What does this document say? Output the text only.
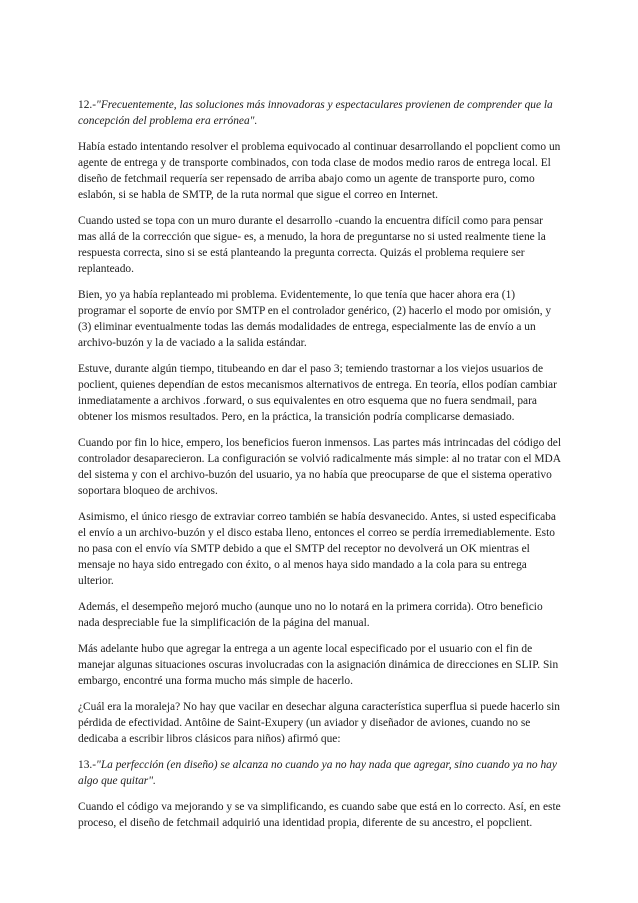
12.-"Frecuentemente, las soluciones más innovadoras y espectaculares provienen de comprender que la concepción del problema era errónea".

Había estado intentando resolver el problema equivocado al continuar desarrollando el popclient como un agente de entrega y de transporte combinados, con toda clase de modos medio raros de entrega local. El diseño de fetchmail requería ser repensado de arriba abajo como un agente de transporte puro, como eslabón, si se habla de SMTP, de la ruta normal que sigue el correo en Internet.

Cuando usted se topa con un muro durante el desarrollo -cuando la encuentra difícil como para pensar mas allá de la corrección que sigue- es, a menudo, la hora de preguntarse no si usted realmente tiene la respuesta correcta, sino si se está planteando la pregunta correcta. Quizás el problema requiere ser replanteado.

Bien, yo ya había replanteado mi problema. Evidentemente, lo que tenía que hacer ahora era (1) programar el soporte de envío por SMTP en el controlador genérico, (2) hacerlo el modo por omisión, y (3) eliminar eventualmente todas las demás modalidades de entrega, especialmente las de envío a un archivo-buzón y la de vaciado a la salida estándar.

Estuve, durante algún tiempo, titubeando en dar el paso 3; temiendo trastornar a los viejos usuarios de poclient, quienes dependían de estos mecanismos alternativos de entrega. En teoría, ellos podían cambiar inmediatamente a archivos .forward, o sus equivalentes en otro esquema que no fuera sendmail, para obtener los mismos resultados. Pero, en la práctica, la transición podría complicarse demasiado.

Cuando por fin lo hice, empero, los beneficios fueron inmensos. Las partes más intrincadas del código del controlador desaparecieron. La configuración se volvió radicalmente más simple: al no tratar con el MDA del sistema y con el archivo-buzón del usuario, ya no había que preocuparse de que el sistema operativo soportara bloqueo de archivos.

Asimismo, el único riesgo de extraviar correo también se había desvanecido. Antes, si usted especificaba el envío a un archivo-buzón y el disco estaba lleno, entonces el correo se perdía irremediablemente. Esto no pasa con el envío vía SMTP debido a que el SMTP del receptor no devolverá un OK mientras el mensaje no haya sido entregado con éxito, o al menos haya sido mandado a la cola para su entrega ulterior.

Además, el desempeño mejoró mucho (aunque uno no lo notará en la primera corrida). Otro beneficio nada despreciable fue la simplificación de la página del manual.

Más adelante hubo que agregar la entrega a un agente local especificado por el usuario con el fin de manejar algunas situaciones oscuras involucradas con la asignación dinámica de direcciones en SLIP. Sin embargo, encontré una forma mucho más simple de hacerlo.

¿Cuál era la moraleja? No hay que vacilar en desechar alguna característica superflua si puede hacerlo sin pérdida de efectividad. Antôine de Saint-Exupery (un aviador y diseñador de aviones, cuando no se dedicaba a escribir libros clásicos para niños) afirmó que:

13.-"La perfección (en diseño) se alcanza no cuando ya no hay nada que agregar, sino cuando ya no hay algo que quitar".

Cuando el código va mejorando y se va simplificando, es cuando sabe que está en lo correcto. Así, en este proceso, el diseño de fetchmail adquirió una identidad propia, diferente de su ancestro, el popclient.
